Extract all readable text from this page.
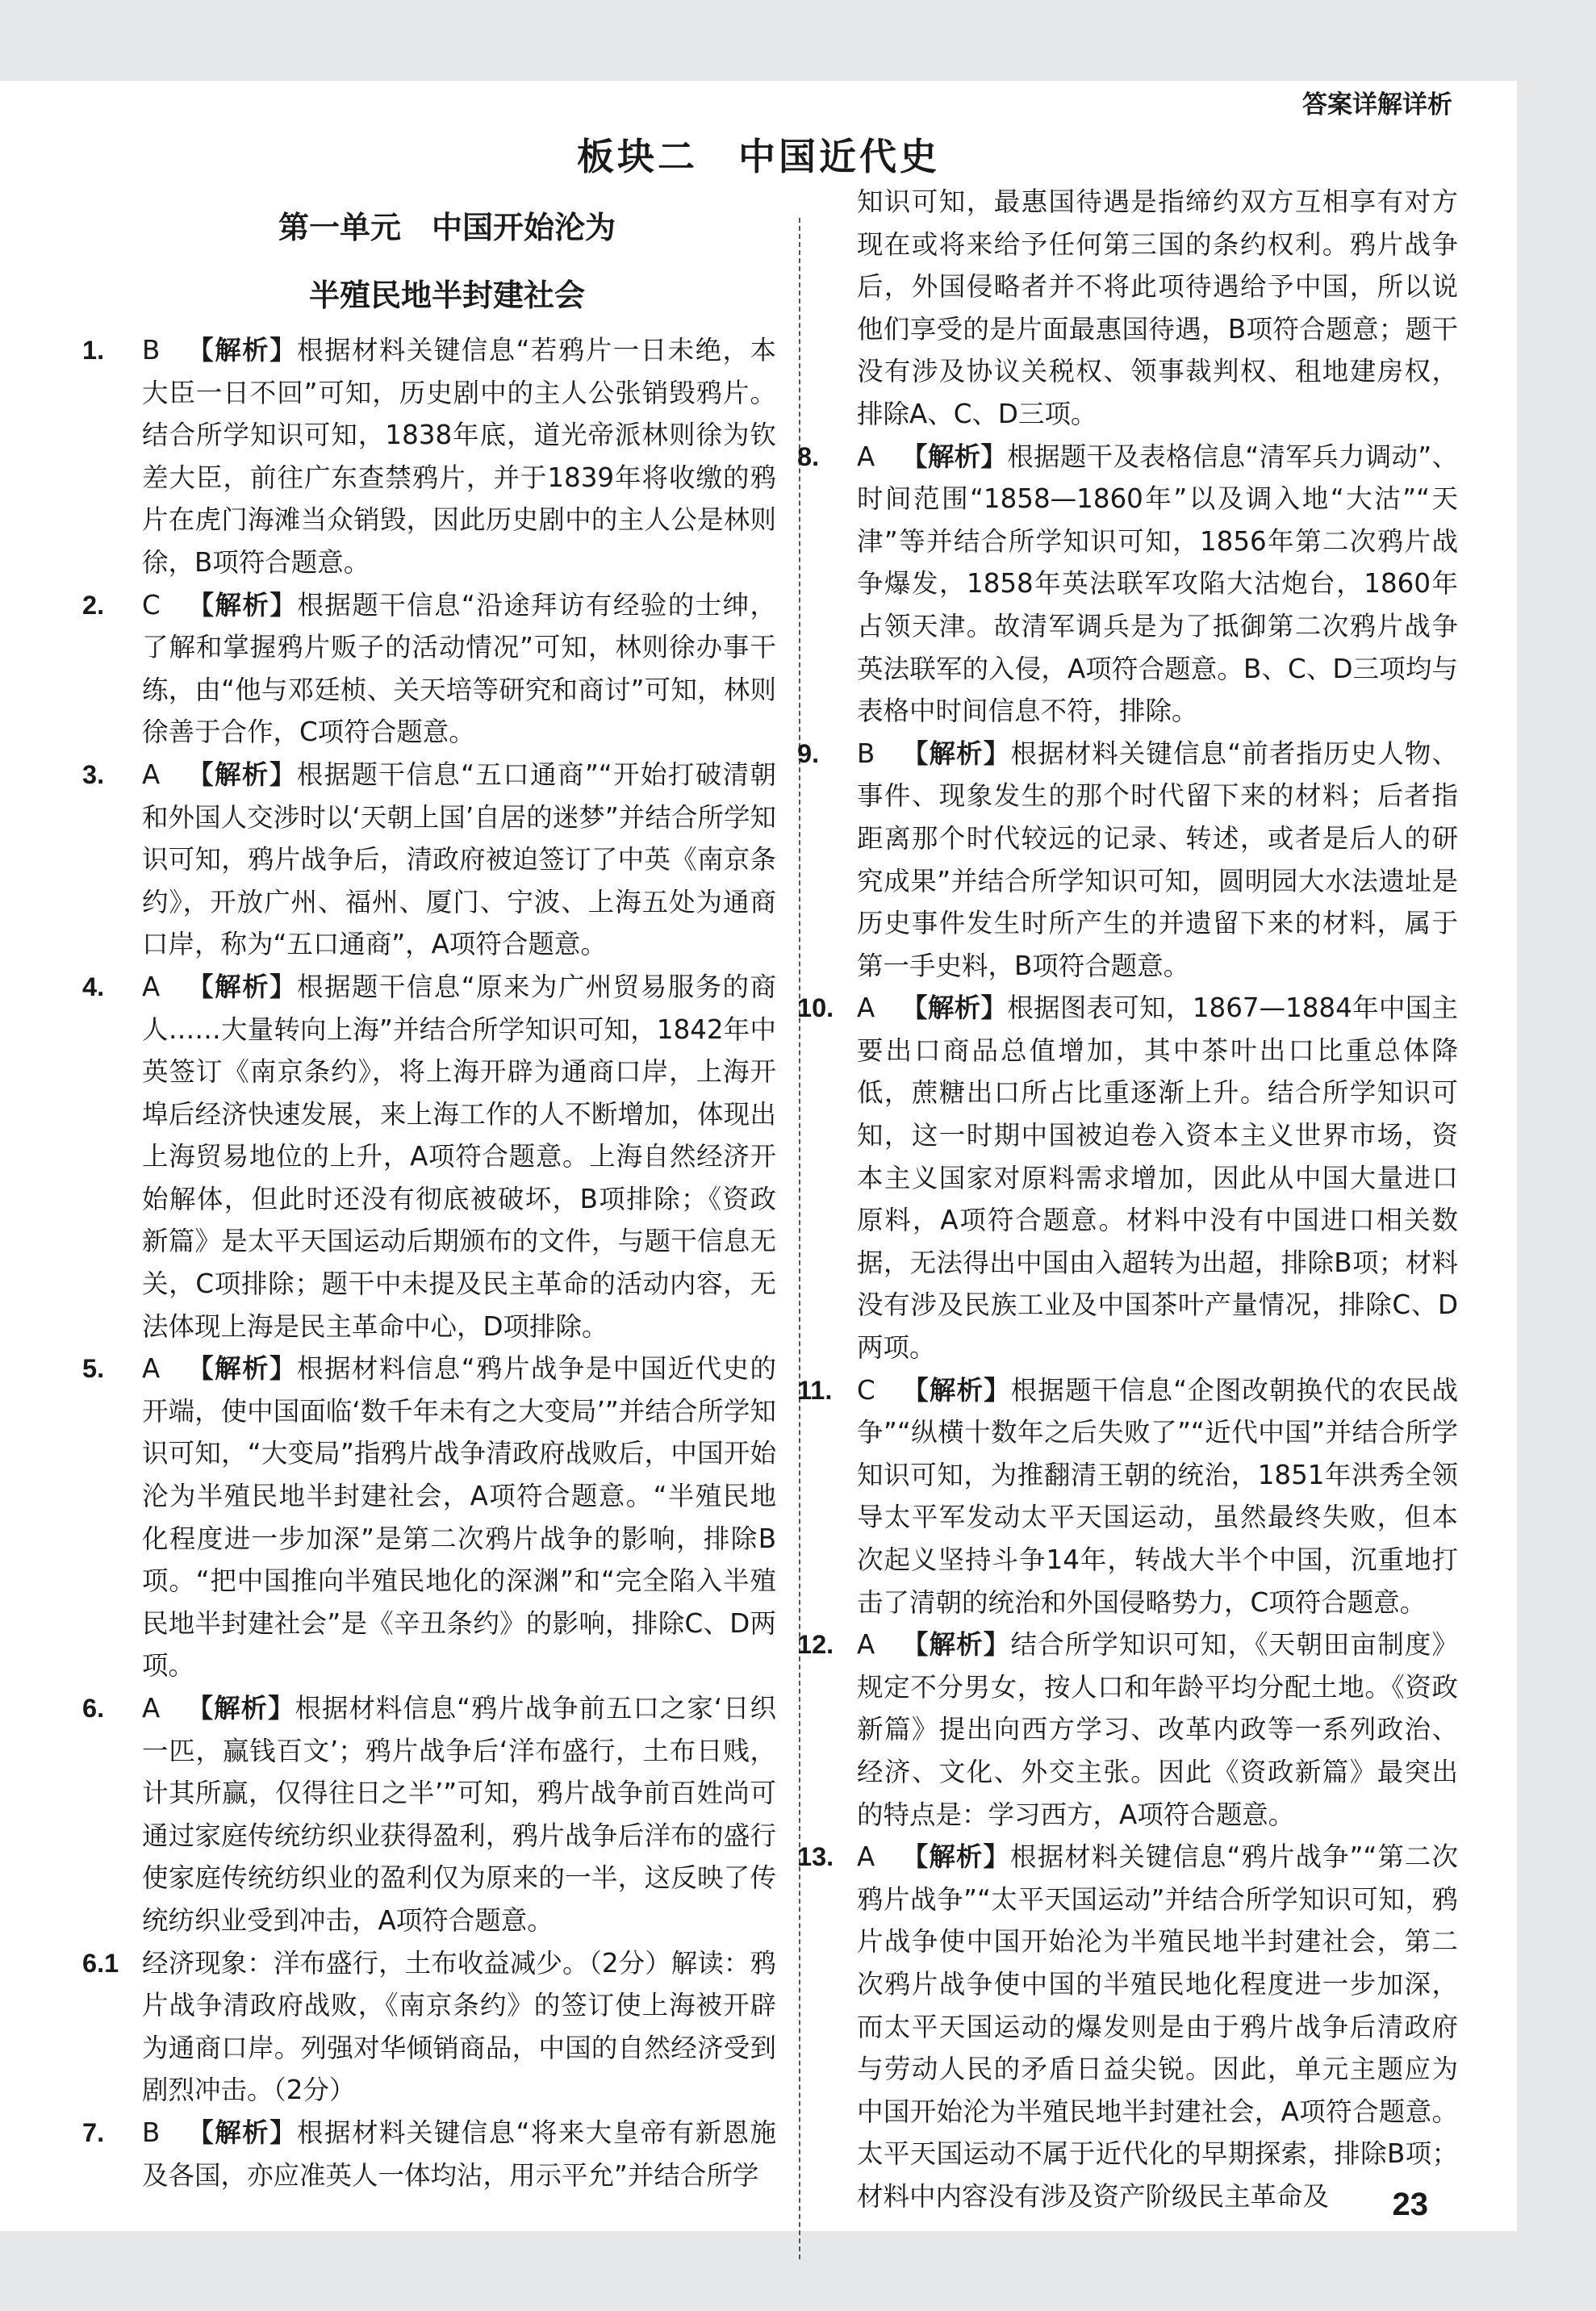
答案详解详析
板块二　中国近代史
第一单元　中国开始沦为
半殖民地半封建社会

1. B  【解析】根据材料关键信息“若鸦片一日未绝，本大臣一日不回”可知，历史剧中的主人公张销毁鸦片。结合所学知识可知，1838年底，道光帝派林则徐为钦差大臣，前往广东查禁鸦片，并于1839年将收缴的鸦片在虎门海滩当众销毁，因此历史剧中的主人公是林则徐，B项符合题意。

2. C  【解析】根据题干信息“沿途拜访有经验的士绅，了解和掌握鸦片贩子的活动情况”可知，林则徐办事干练，由“他与邓廷桢、关天培等研究和商讨”可知，林则徐善于合作，C项符合题意。

3. A  【解析】根据题干信息“五口通商”“开始打破清朝和外国人交涉时以‘天朝上国’自居的迷梦”并结合所学知识可知，鸦片战争后，清政府被迫签订了中英《南京条约》，开放广州、福州、厦门、宁波、上海五处为通商口岸，称为“五口通商”，A项符合题意。

4. A  【解析】根据题干信息“原来为广州贸易服务的商人……大量转向上海”并结合所学知识可知，1842年中英签订《南京条约》，将上海开辟为通商口岸，上海开埠后经济快速发展，来上海工作的人不断增加，体现出上海贸易地位的上升，A项符合题意。上海自然经济开始解体，但此时还没有彻底被破坏，B项排除；《资政新篇》是太平天国运动后期颁布的文件，与题干信息无关，C项排除；题干中未提及民主革命的活动内容，无法体现上海是民主革命中心，D项排除。

5. A  【解析】根据材料信息“鸦片战争是中国近代史的开端，使中国面临‘数千年未有之大变局’”并结合所学知识可知，“大变局”指鸦片战争清政府战败后，中国开始沦为半殖民地半封建社会，A项符合题意。“半殖民地化程度进一步加深”是第二次鸦片战争的影响，排除B项。“把中国推向半殖民地化的深渊”和“完全陷入半殖民地半封建社会”是《辛丑条约》的影响，排除C、D两项。

6. A  【解析】根据材料信息“鸦片战争前五口之家‘日织一匹，赢钱百文’；鸦片战争后‘洋布盛行，土布日贱，计其所赢，仅得往日之半’”可知，鸦片战争前百姓尚可通过家庭传统纺织业获得盈利，鸦片战争后洋布的盛行使家庭传统纺织业的盈利仅为原来的一半，这反映了传统纺织业受到冲击，A项符合题意。

6.1 经济现象：洋布盛行，土布收益减少。（2分）解读：鸦片战争清政府战败，《南京条约》的签订使上海被开辟为通商口岸。列强对华倾销商品，中国的自然经济受到剧烈冲击。（2分）

7. B  【解析】根据材料关键信息“将来大皇帝有新恩施及各国，亦应准英人一体均沾，用示平允”并结合所学

知识可知，最惠国待遇是指缔约双方互相享有对方现在或将来给予任何第三国的条约权利。鸦片战争后，外国侵略者并不将此项待遇给予中国，所以说他们享受的是片面最惠国待遇，B项符合题意；题干没有涉及协议关税权、领事裁判权、租地建房权，排除A、C、D三项。

8. A  【解析】根据题干及表格信息“清军兵力调动”、时间范围“1858—1860年”以及调入地“大沽”“天津”等并结合所学知识可知，1856年第二次鸦片战争爆发，1858年英法联军攻陷大沽炮台，1860年占领天津。故清军调兵是为了抵御第二次鸦片战争英法联军的入侵，A项符合题意。B、C、D三项均与表格中时间信息不符，排除。

9. B  【解析】根据材料关键信息“前者指历史人物、事件、现象发生的那个时代留下来的材料；后者指距离那个时代较远的记录、转述，或者是后人的研究成果”并结合所学知识可知，圆明园大水法遗址是历史事件发生时所产生的并遗留下来的材料，属于第一手史料，B项符合题意。

10. A  【解析】根据图表可知，1867—1884年中国主要出口商品总值增加，其中茶叶出口比重总体降低，蔗糖出口所占比重逐渐上升。结合所学知识可知，这一时期中国被迫卷入资本主义世界市场，资本主义国家对原料需求增加，因此从中国大量进口原料，A项符合题意。材料中没有中国进口相关数据，无法得出中国由入超转为出超，排除B项；材料没有涉及民族工业及中国茶叶产量情况，排除C、D两项。

11. C  【解析】根据题干信息“企图改朝换代的农民战争”“纵横十数年之后失败了”“近代中国”并结合所学知识可知，为推翻清王朝的统治，1851年洪秀全领导太平军发动太平天国运动，虽然最终失败，但本次起义坚持斗争14年，转战大半个中国，沉重地打击了清朝的统治和外国侵略势力，C项符合题意。

12. A  【解析】结合所学知识可知，《天朝田亩制度》规定不分男女，按人口和年龄平均分配土地。《资政新篇》提出向西方学习、改革内政等一系列政治、经济、文化、外交主张。因此《资政新篇》最突出的特点是：学习西方，A项符合题意。

13. A  【解析】根据材料关键信息“鸦片战争”“第二次鸦片战争”“太平天国运动”并结合所学知识可知，鸦片战争使中国开始沦为半殖民地半封建社会，第二次鸦片战争使中国的半殖民地化程度进一步加深，而太平天国运动的爆发则是由于鸦片战争后清政府与劳动人民的矛盾日益尖锐。因此，单元主题应为中国开始沦为半殖民地半封建社会，A项符合题意。太平天国运动不属于近代化的早期探索，排除B项；材料中内容没有涉及资产阶级民主革命及	23
